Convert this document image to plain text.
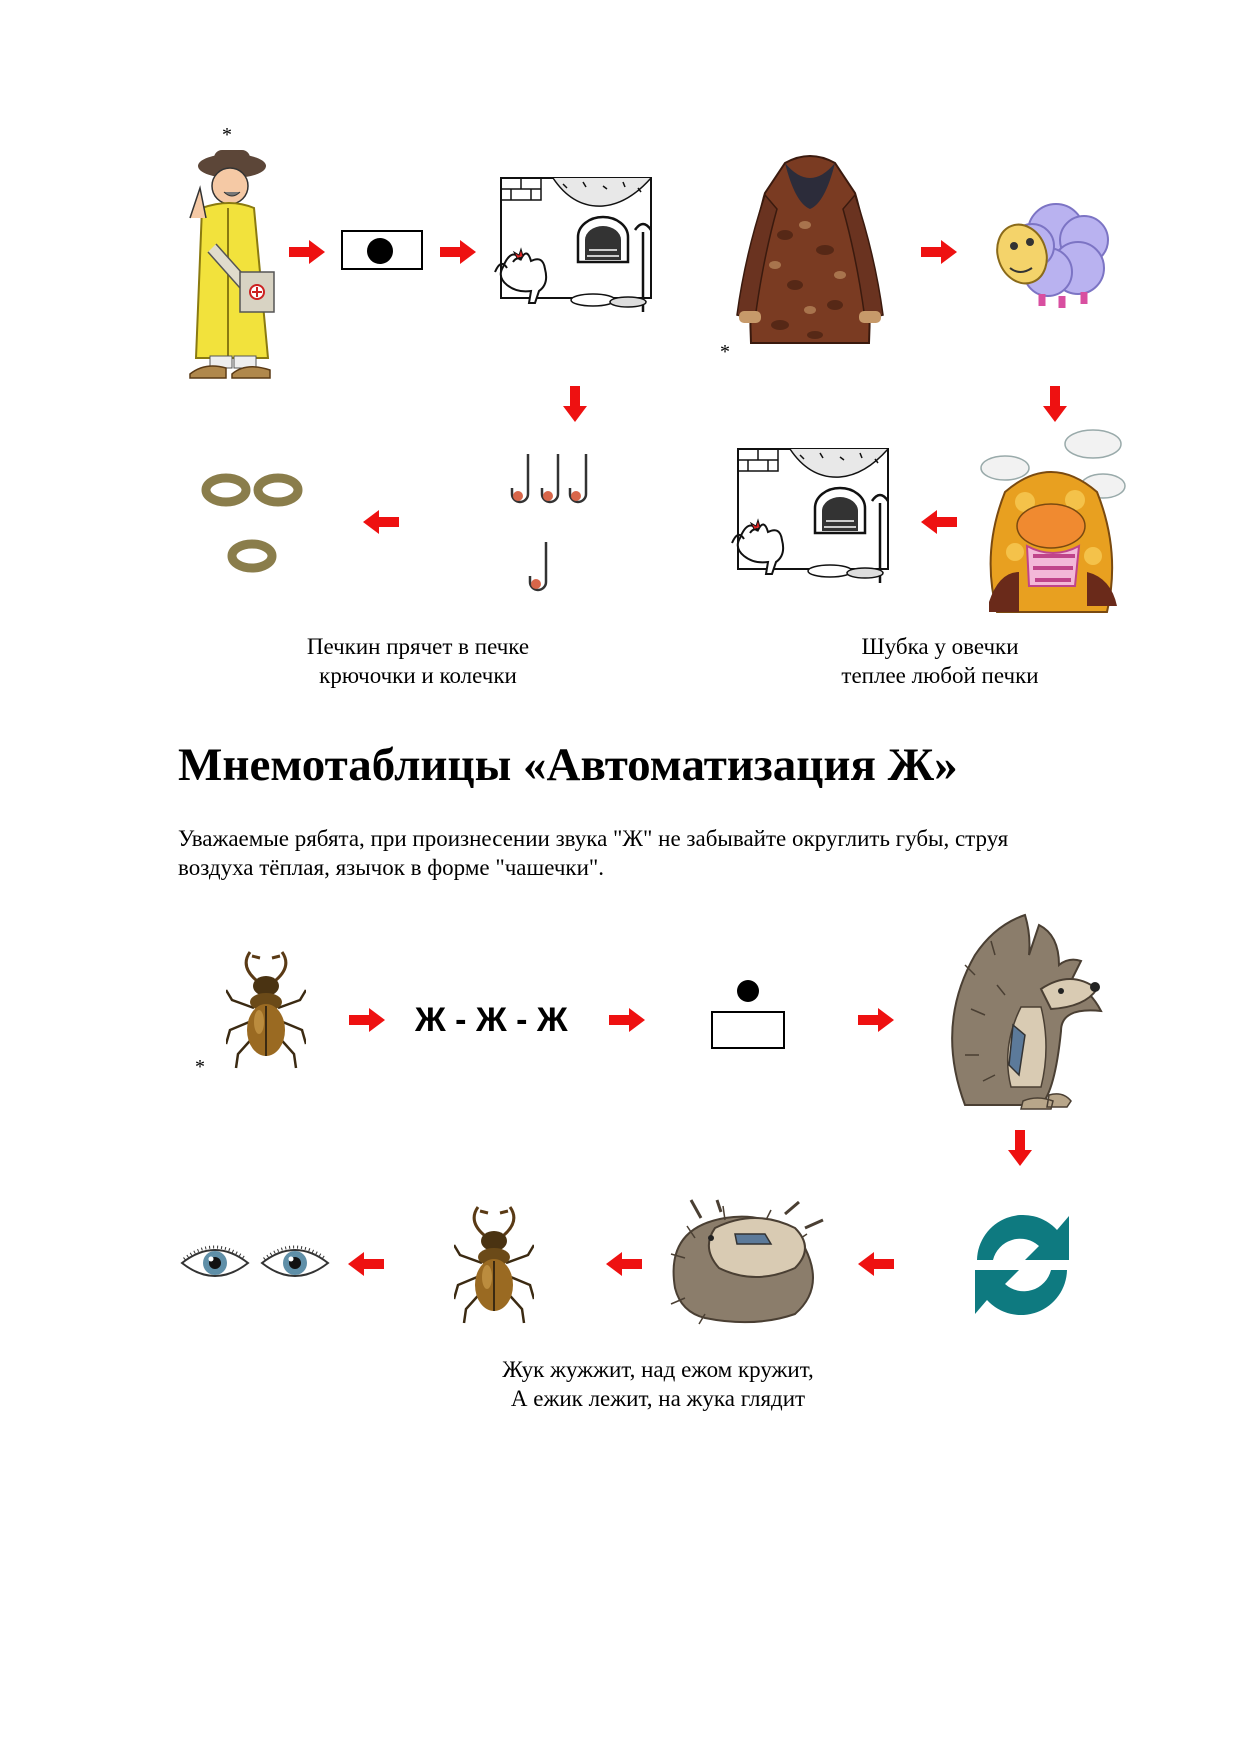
*
*
Печкин прячет в печке
крючочки и колечки
Шубка у овечки
теплее любой печки
Мнемотаблицы «Автоматизация Ж»
Уважаемые рябята, при произнесении звука "Ж" не забывайте округлить губы, струя
воздуха тёплая, язычок в форме "чашечки".
*
Ж - Ж - Ж
Жук жужжит, над ежом кружит,
А ежик лежит, на жука глядит
